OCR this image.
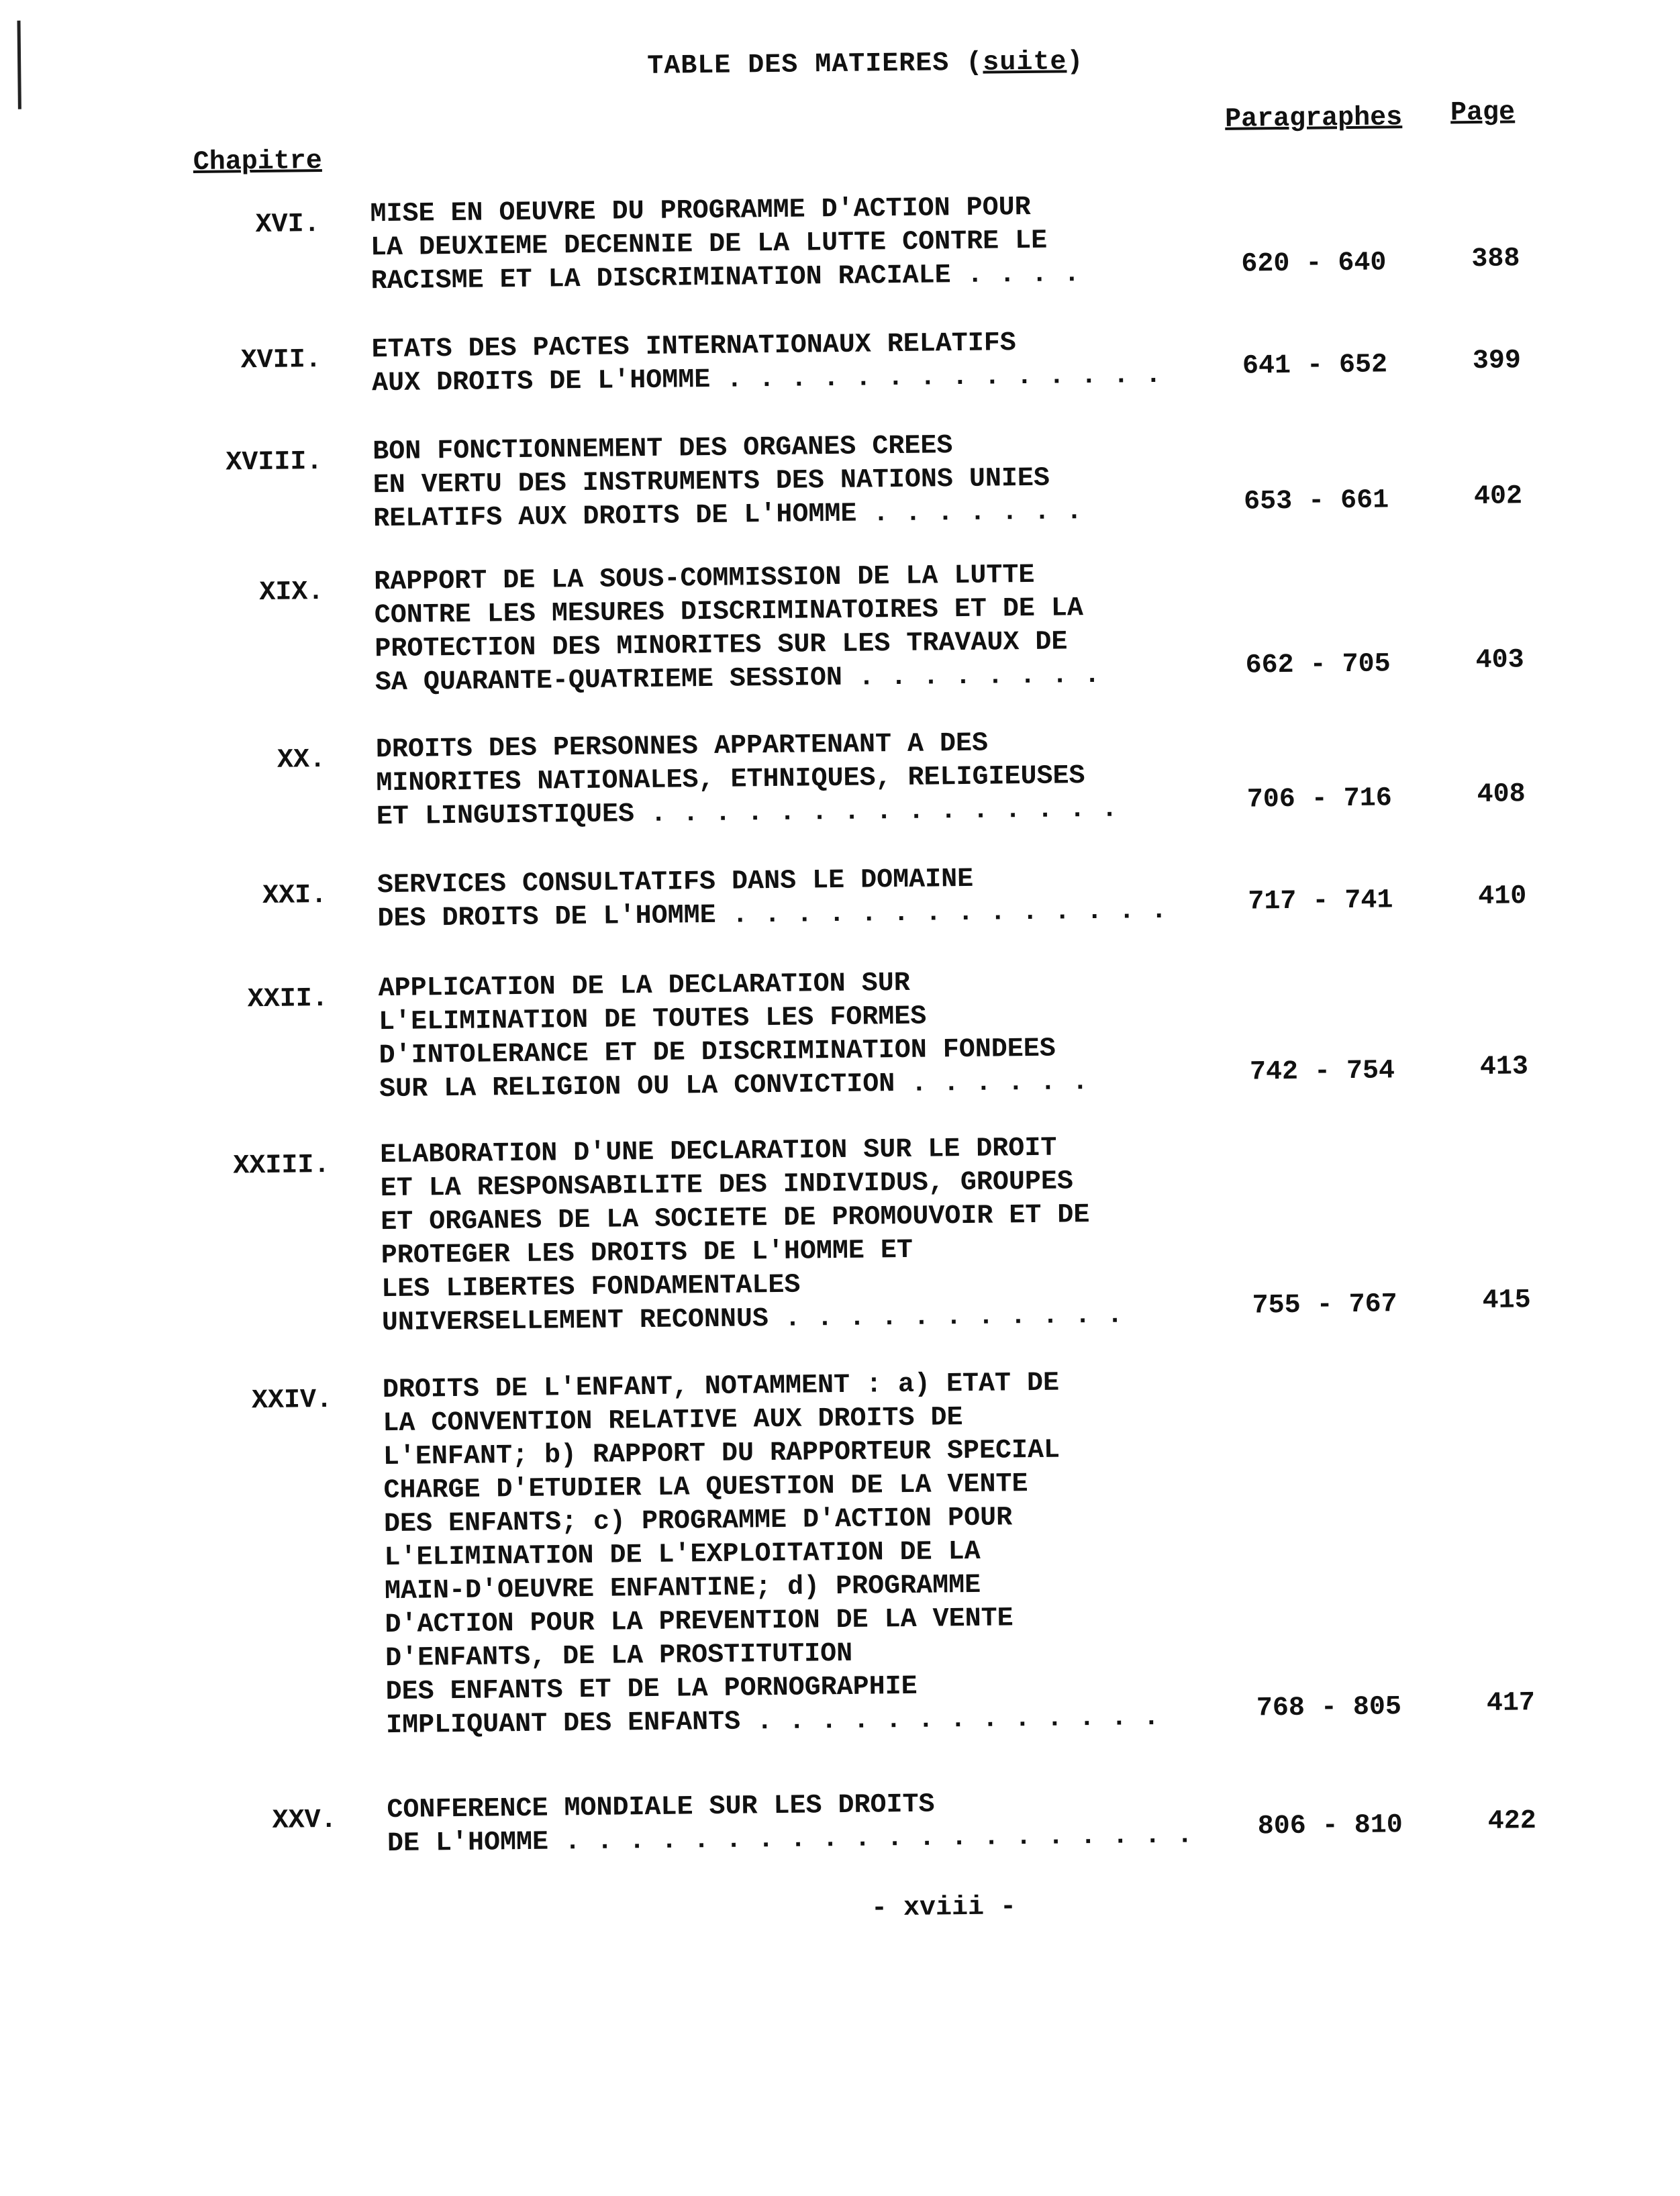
TABLE DES MATIERES (suite)
Chapitre
Paragraphes Page
XVI. MISE EN OEUVRE DU PROGRAMME D'ACTION POUR
LA DEUXIEME DECENNIE DE LA LUTTE CONTRE LE
RACISME ET LA DISCRIMINATION RACIALE . . . .	620 - 640	388
XVII. ETATS DES PACTES INTERNATIONAUX RELATIFS
AUX DROITS DE L'HOMME . . . . . . . . . . . . . .	641 - 652	399
XVIII. BON FONCTIONNEMENT DES ORGANES CREES
EN VERTU DES INSTRUMENTS DES NATIONS UNIES
RELATIFS AUX DROITS DE L'HOMME . . . . . . .	653 - 661	402
XIX. RAPPORT DE LA SOUS-COMMISSION DE LA LUTTE
CONTRE LES MESURES DISCRIMINATOIRES ET DE LA
PROTECTION DES MINORITES SUR LES TRAVAUX DE
SA QUARANTE-QUATRIEME SESSION . . . . . . . .	662 - 705	403
XX. DROITS DES PERSONNES APPARTENANT A DES
MINORITES NATIONALES, ETHNIQUES, RELIGIEUSES
ET LINGUISTIQUES . . . . . . . . . . . . . . .	706 - 716	408
XXI. SERVICES CONSULTATIFS DANS LE DOMAINE
DES DROITS DE L'HOMME . . . . . . . . . . . . . .	717 - 741	410
XXII. APPLICATION DE LA DECLARATION SUR
L'ELIMINATION DE TOUTES LES FORMES
D'INTOLERANCE ET DE DISCRIMINATION FONDEES
SUR LA RELIGION OU LA CONVICTION . . . . . .	742 - 754	413
XXIII. ELABORATION D'UNE DECLARATION SUR LE DROIT
ET LA RESPONSABILITE DES INDIVIDUS, GROUPES
ET ORGANES DE LA SOCIETE DE PROMOUVOIR ET DE
PROTEGER LES DROITS DE L'HOMME ET
LES LIBERTES FONDAMENTALES
UNIVERSELLEMENT RECONNUS . . . . . . . . . . .	755 - 767	415
XXIV. DROITS DE L'ENFANT, NOTAMMENT : a) ETAT DE
LA CONVENTION RELATIVE AUX DROITS DE
L'ENFANT; b) RAPPORT DU RAPPORTEUR SPECIAL
CHARGE D'ETUDIER LA QUESTION DE LA VENTE
DES ENFANTS; c) PROGRAMME D'ACTION POUR
L'ELIMINATION DE L'EXPLOITATION DE LA
MAIN-D'OEUVRE ENFANTINE; d) PROGRAMME
D'ACTION POUR LA PREVENTION DE LA VENTE
D'ENFANTS, DE LA PROSTITUTION
DES ENFANTS ET DE LA PORNOGRAPHIE
IMPLIQUANT DES ENFANTS . . . . . . . . . . . . .	768 - 805	417
XXV. CONFERENCE MONDIALE SUR LES DROITS
DE L'HOMME . . . . . . . . . . . . . . . . . . . . 806 - 810	422
- xviii -
